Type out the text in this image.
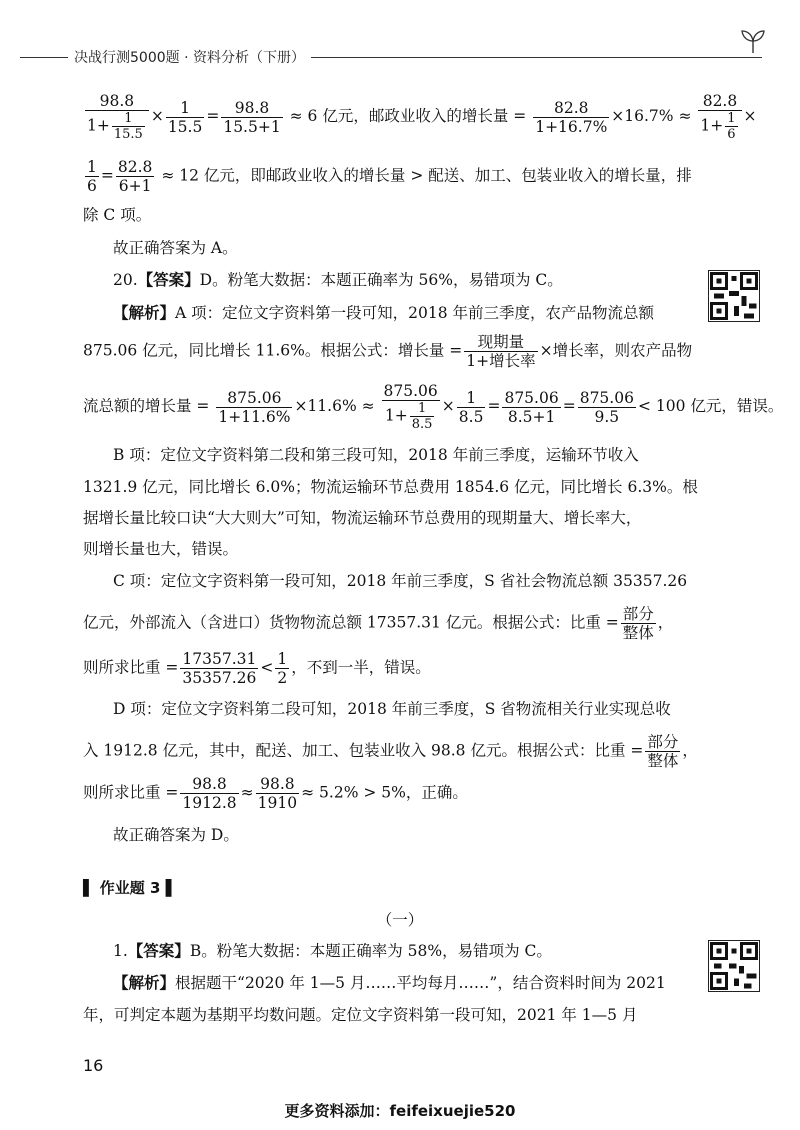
决战行测5000题 · 资料分析（下册）
$\frac{98.8}{1+ \frac{1}{15.5}} \times \frac{1}{15.5} = \frac{98.8}{15.5+1} \approx 6$ 亿元，邮政业收入的增长量 = $\frac{82.8}{1+16.7\%} \times 16.7\% \approx \frac{82.8}{1+ \frac{1}{6}}$ ×
$\frac{1}{6} = \frac{82.8}{6+1} \approx 12$ 亿元，即邮政业收入的增长量 > 配送、加工、包装业收入的增长量，排
除 C 项。
故正确答案为 A。
20.【答案】D。粉笔大数据：本题正确率为 56%，易错项为 C。
【解析】A 项：定位文字资料第一段可知，2018 年前三季度，农产品物流总额
875.06 亿元，同比增长 11.6%。根据公式：增长量 = $\frac{\text{现期量}}{\text{1+增长率}}$ ×增长率，则农产品物
流总额的增长量 = $\frac{875.06}{1+11.6\%} \times 11.6\% \approx \frac{875.06}{1+ \frac{1}{8.5}} \times \frac{1}{8.5} = \frac{875.06}{8.5+1} = \frac{875.06}{9.5} < 100$ 亿元，错误。
B 项：定位文字资料第二段和第三段可知，2018 年前三季度，运输环节收入
1321.9 亿元，同比增长 6.0%；物流运输环节总费用 1854.6 亿元，同比增长 6.3%。根
据增长量比较口诀“大大则大”可知，物流运输环节总费用的现期量大、增长率大，
则增长量也大，错误。
C 项：定位文字资料第一段可知，2018 年前三季度，S 省社会物流总额 35357.26
亿元，外部流入（含进口）货物物流总额 17357.31 亿元。根据公式：比重 = $\frac{\text{部分}}{\text{整体}}$ ，
则所求比重 = $\frac{17357.31}{35357.26} < \frac{1}{2}$ ，不到一半，错误。
D 项：定位文字资料第二段可知，2018 年前三季度，S 省物流相关行业实现总收
入 1912.8 亿元，其中，配送、加工、包装业收入 98.8 亿元。根据公式：比重 = $\frac{\text{部分}}{\text{整体}}$ ，
则所求比重 = $\frac{98.8}{1912.8} \approx \frac{98.8}{1910} \approx 5.2\% > 5\%$，正确。
故正确答案为 D。
▌ 作业题 3 ▌
（一）
1.【答案】B。粉笔大数据：本题正确率为 58%，易错项为 C。
【解析】根据题干“2020 年 1—5 月……平均每月……”，结合资料时间为 2021
年，可判定本题为基期平均数问题。定位文字资料第一段可知，2021 年 1—5 月
16
更多资料添加：feifeixuejie520
